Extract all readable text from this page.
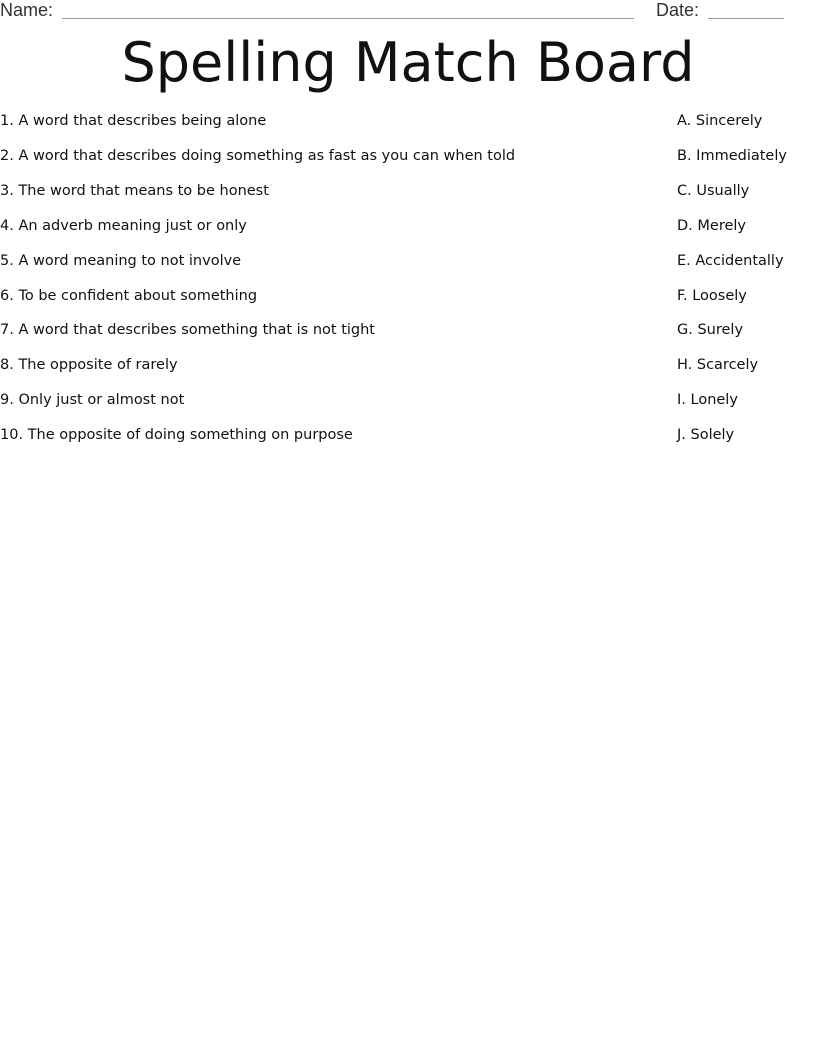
Name:	Date:
Spelling Match Board
1. A word that describes being alone	A. Sincerely
2. A word that describes doing something as fast as you can when told	B. Immediately
3. The word that means to be honest	C. Usually
4. An adverb meaning just or only	D. Merely
5. A word meaning to not involve	E. Accidentally
6. To be confident about something	F. Loosely
7. A word that describes something that is not tight	G. Surely
8. The opposite of rarely	H. Scarcely
9. Only just or almost not	I. Lonely
10. The opposite of doing something on purpose	J. Solely
